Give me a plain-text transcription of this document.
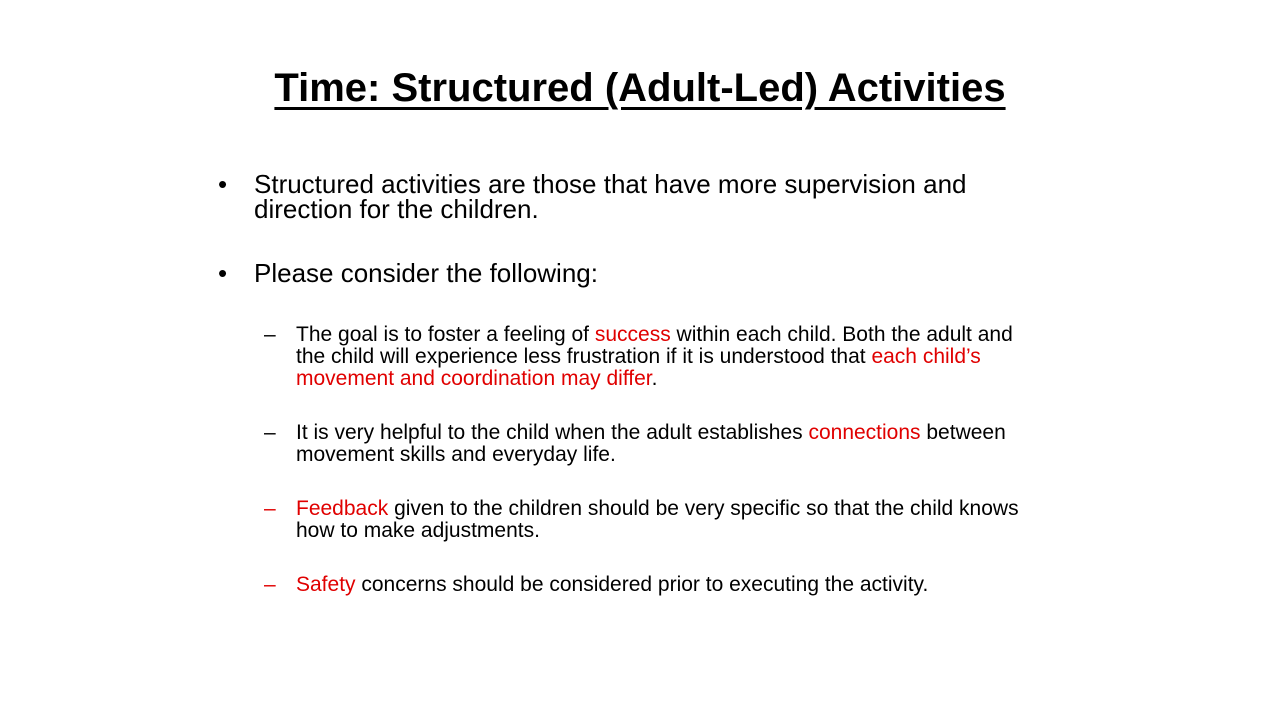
Time: Structured (Adult-Led) Activities
• Structured activities are those that have more supervision and direction for the children.
• Please consider the following:
– The goal is to foster a feeling of success within each child. Both the adult and the child will experience less frustration if it is understood that each child’s movement and coordination may differ.
– It is very helpful to the child when the adult establishes connections between movement skills and everyday life.
– Feedback given to the children should be very specific so that the child knows how to make adjustments.
– Safety concerns should be considered prior to executing the activity.
